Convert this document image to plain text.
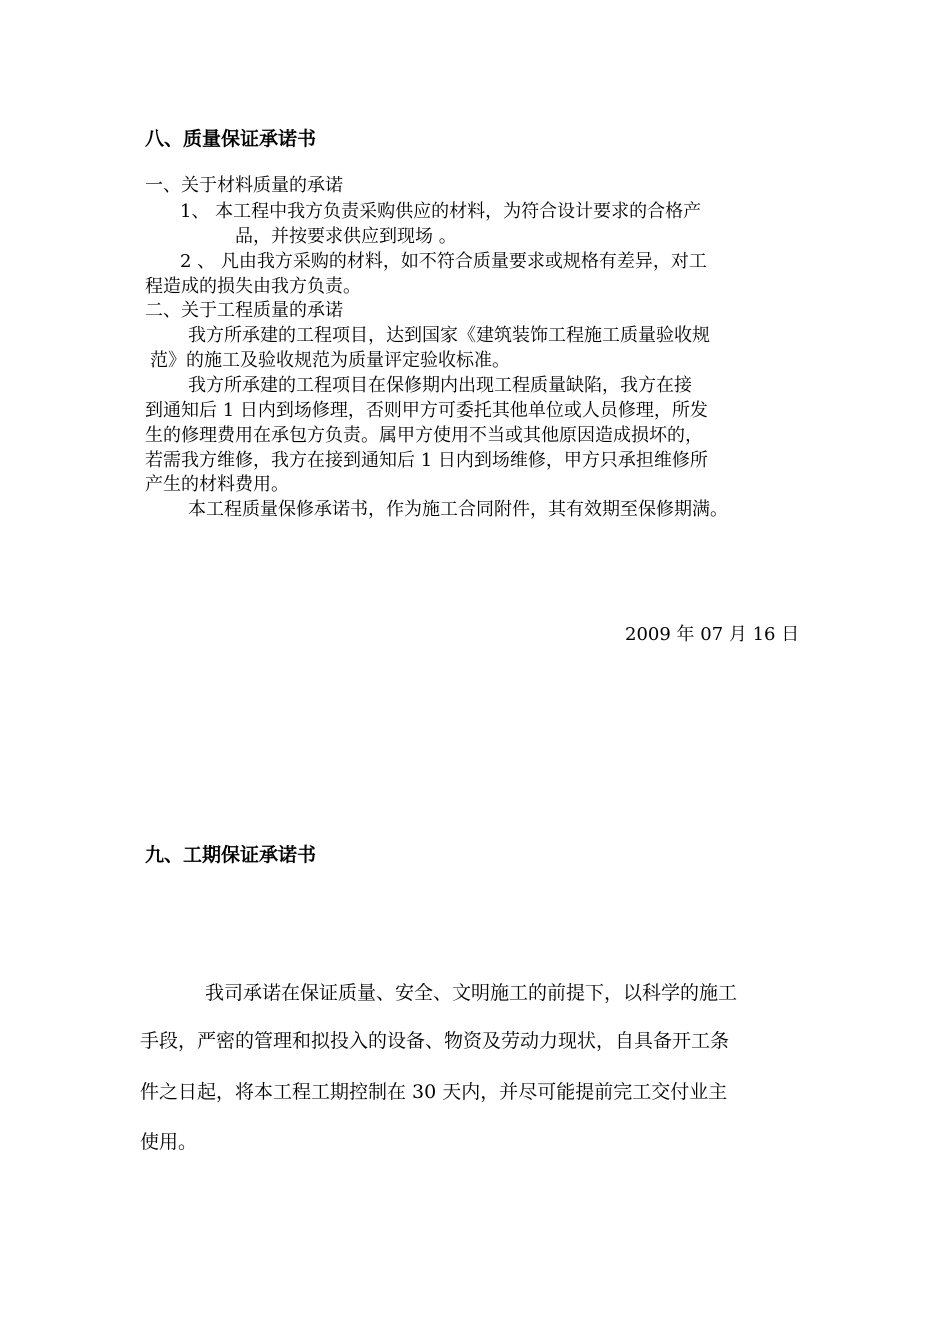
八、质量保证承诺书
一、关于材料质量的承诺
1、 本工程中我方负责采购供应的材料，为符合设计要求的合格产
品，并按要求供应到现场 。
2 、 凡由我方采购的材料，如不符合质量要求或规格有差异，对工
程造成的损失由我方负责。
二、关于工程质量的承诺
我方所承建的工程项目，达到国家《建筑装饰工程施工质量验收规
范》的施工及验收规范为质量评定验收标准。
我方所承建的工程项目在保修期内出现工程质量缺陷，我方在接
到通知后 1 日内到场修理，否则甲方可委托其他单位或人员修理，所发
生的修理费用在承包方负责。属甲方使用不当或其他原因造成损坏的，
若需我方维修，我方在接到通知后 1 日内到场维修，甲方只承担维修所
产生的材料费用。
本工程质量保修承诺书，作为施工合同附件，其有效期至保修期满。
2009 年 07 月 16 日
九、工期保证承诺书
我司承诺在保证质量、安全、文明施工的前提下，以科学的施工
手段，严密的管理和拟投入的设备、物资及劳动力现状，自具备开工条
件之日起，将本工程工期控制在 30 天内，并尽可能提前完工交付业主
使用。
